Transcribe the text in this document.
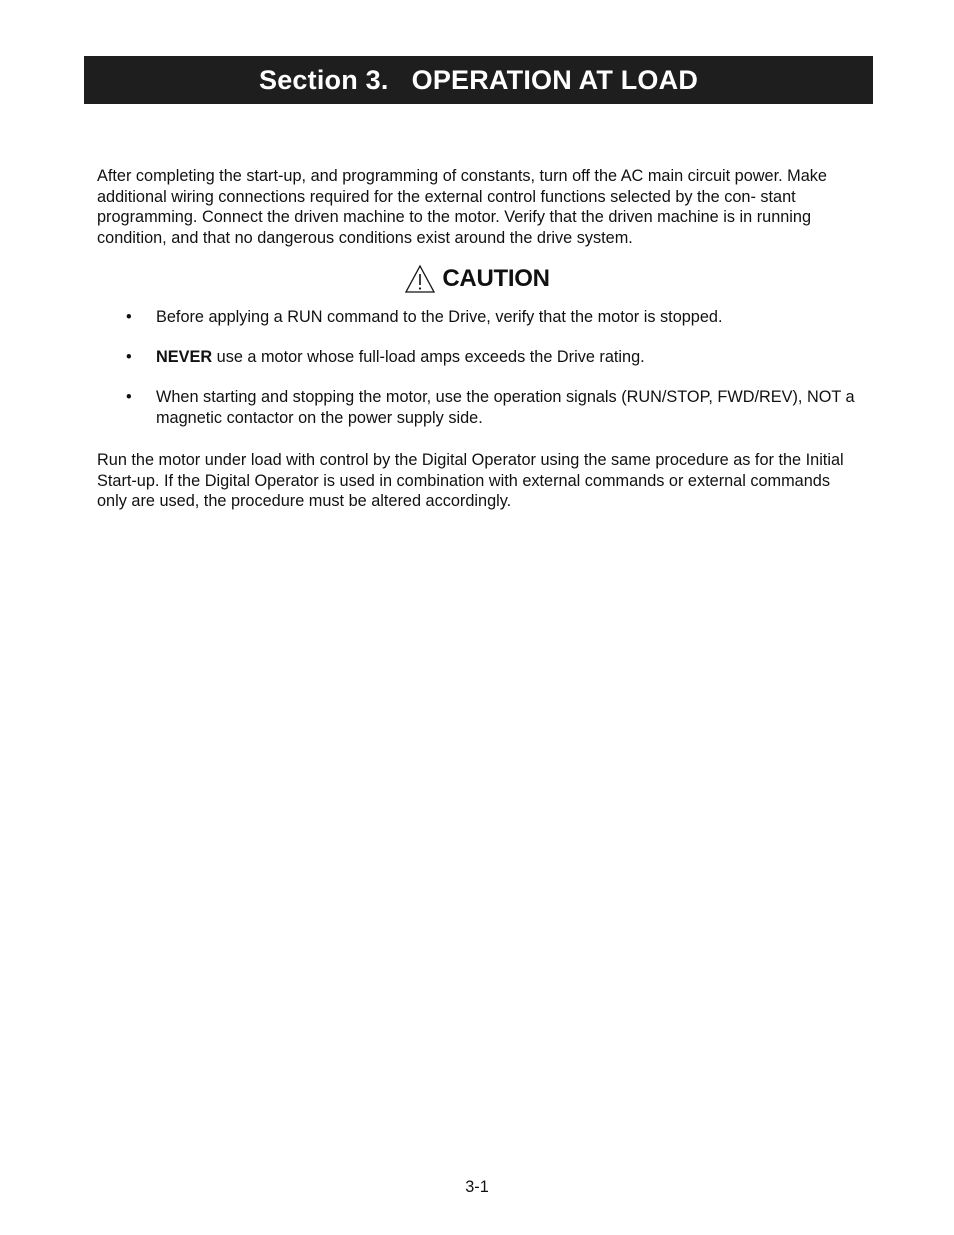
Section 3.   OPERATION AT LOAD

After completing the start-up, and programming of constants, turn off the AC main circuit power. Make additional wiring connections required for the external control functions selected by the con- stant programming. Connect the driven machine to the motor. Verify that the driven machine is in running condition, and that no dangerous conditions exist around the drive system.

CAUTION
• Before applying a RUN command to the Drive, verify that the motor is stopped.
• NEVER use a motor whose full-load amps exceeds the Drive rating.
• When starting and stopping the motor, use the operation signals (RUN/STOP, FWD/REV), NOT a magnetic contactor on the power supply side.

Run the motor under load with control by the Digital Operator using the same procedure as for the Initial Start-up. If the Digital Operator is used in combination with external commands or external commands only are used, the procedure must be altered accordingly.

3-1
